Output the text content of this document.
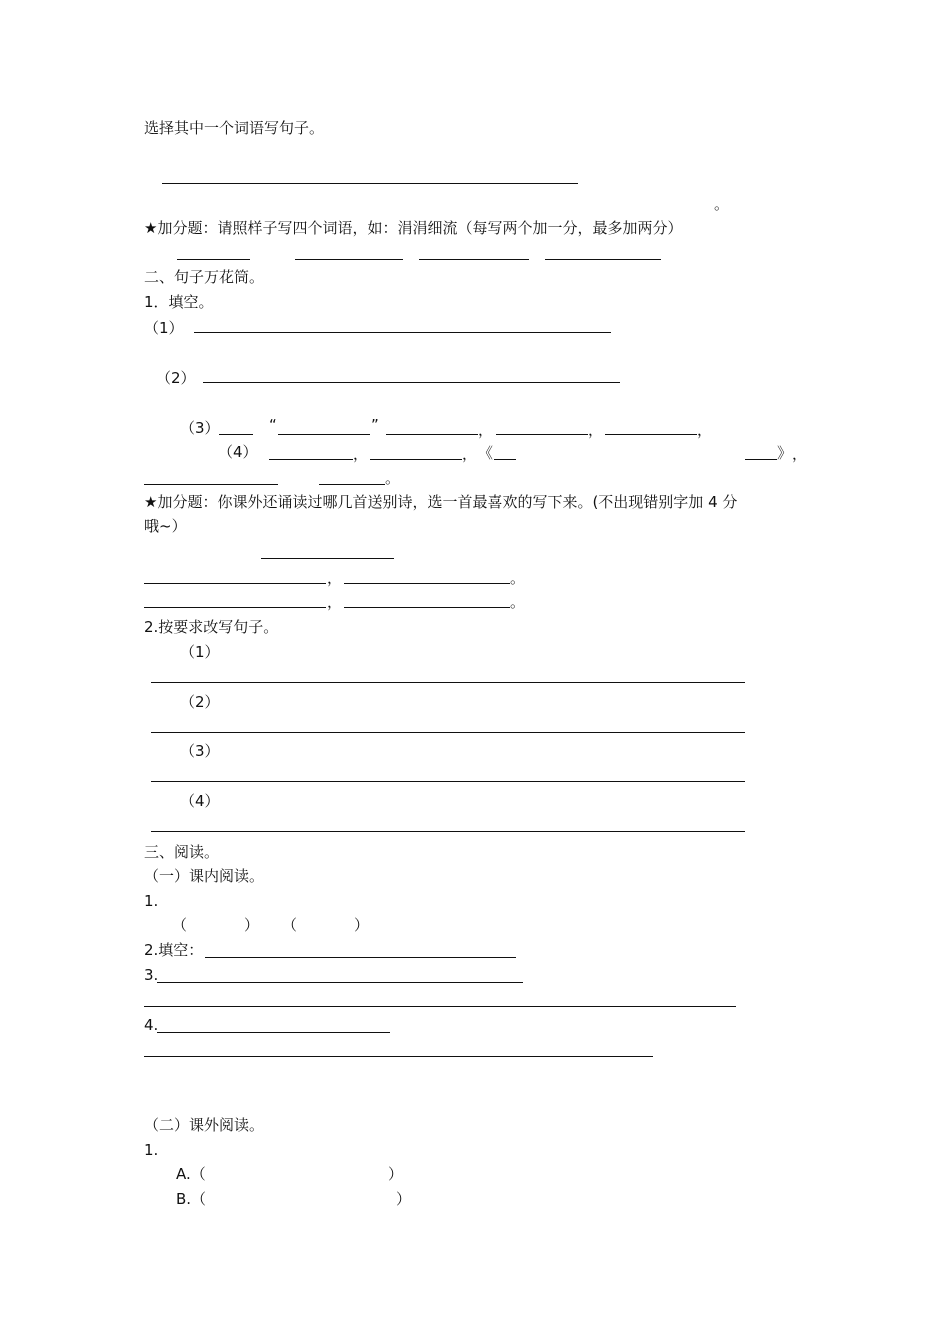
选择其中一个词语写句子。
。
★加分题：请照样子写四个词语，如：涓涓细流（每写两个加一分，最多加两分）
二、句子万花筒。
1．填空。
（1）
（2）
（3）	“	”	，	，	，
（4）	，	， 《	》 ，
。
★加分题：你课外还诵读过哪几首送别诗，选一首最喜欢的写下来。(不出现错别字加 4 分
哦~）
，	。
，	。
2.按要求改写句子。
（1）
（2）
（3）
（4）
三、阅读。
（一）课内阅读。
1.
（	） （	）
2.填空：
3.
4.
（二）课外阅读。
1.
A.（	）
B.（	）
